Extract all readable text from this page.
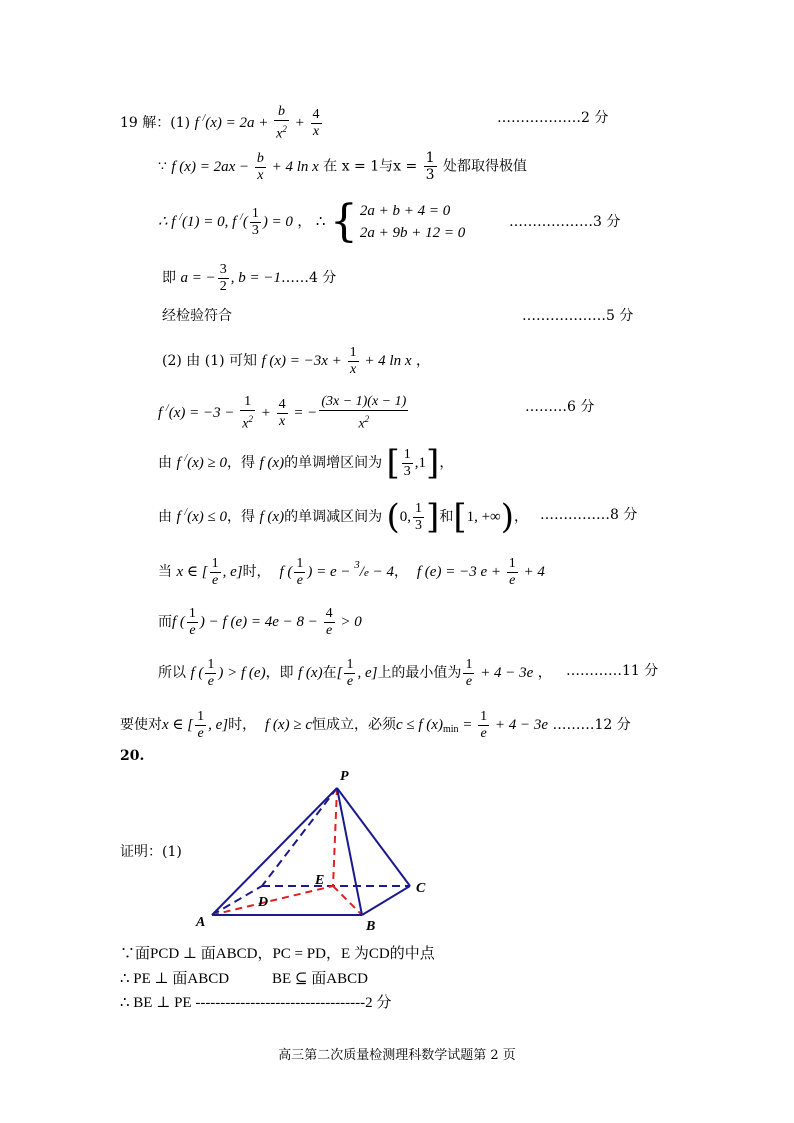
19 解：(1) f $^/(x) = 2a + \frac{b}{x^2} + \frac{4}{x}$	………………2 分
∵ f $(x) = 2ax - \frac{b}{x} + 4$ ln x 在 x = 1与$x = \frac{1}{3}$ 处都取得极值
∴ f /(1) = 0, f $^/( \frac{1}{3}$ ) = 0 ， ∴ { 2a + b + 4 = 0
2a + 9b + 12 = 0
………………3 分
即 a = − $\frac{3}{2}$ , b = −1……4 分
经检验符合	………………5 分
(2) 由 (1) 可知 f $(x) = -3x + \frac{1}{x} + 4$ ln x ，
f $^/(x) = -3 - \frac{1}{x^2} + \frac{4}{x}$ = − $\frac{(3x - 1)(x - 1)}{x^2}$	………6 分
由 f /(x) ≥ 0，得 f (x)的单调增区间为 [ $\frac{1}{3} ,1$]，
由 f /(x) ≤ 0，得 f (x)的单调减区间为 (0, $\frac{1}{3}$ ]和[1, +∞)， ……………8 分
当 x ∈ [ $\frac{1}{e}$ , e]时， f ( $\frac{1}{e}$ ) = e − $^3$/e − 4，  f (e) = −3 $e + \frac{1}{e} + 4$
而f ( $\frac{1}{e}$ ) − f $(e) = 4e - 8 - \frac{4}{e} > 0$
所以 f ( $\frac{1}{e}$ ) > f (e)，即 f (x)在[ $\frac{1}{e}$ , e]上的最小值为 $\frac{1}{e} + 4 - 3e$ ， …………11 分
要使对x ∈ [ $\frac{1}{e}$ , e]时， f (x) ≥ c恒成立，必须c ≤ f $(x)_{min} = \frac{1}{e} + 4 - 3e$ ………12 分
20.
P
A	B
C
D
E
证明：(1)
∵面PCD ⊥ 面ABCD，PC = PD，E 为CD的中点
∴ PE ⊥ 面ABCD	BE ⊆ 面ABCD
∴ BE ⊥ PE ----------------------------------2 分
高三第二次质量检测理科数学试题第 2 页
